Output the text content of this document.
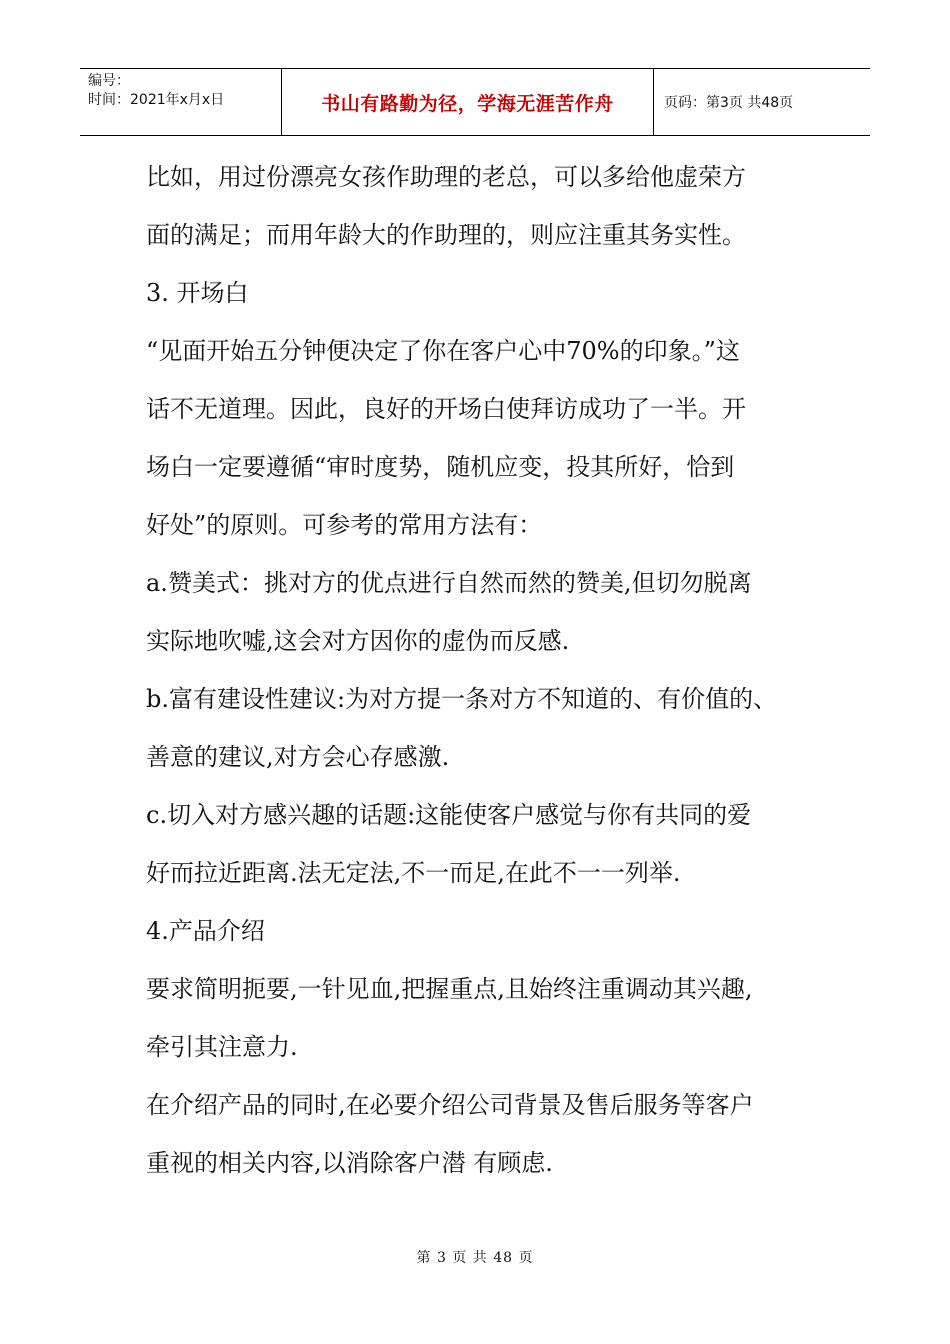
编号：
时间：2021年x月x日	书山有路勤为径，学海无涯苦作舟	页码：第3页 共48页
比如，用过份漂亮女孩作助理的老总，可以多给他虚荣方
面的满足；而用年龄大的作助理的，则应注重其务实性。
3. 开场白
“见面开始五分钟便决定了你在客户心中70%的印象。”这
话不无道理。因此，良好的开场白使拜访成功了一半。开
场白一定要遵循“审时度势，随机应变，投其所好，恰到
好处”的原则。可参考的常用方法有：
a.赞美式：挑对方的优点进行自然而然的赞美,但切勿脱离
实际地吹嘘,这会对方因你的虚伪而反感.
b.富有建设性建议:为对方提一条对方不知道的、有价值的、
善意的建议,对方会心存感激.
c.切入对方感兴趣的话题:这能使客户感觉与你有共同的爱
好而拉近距离.法无定法,不一而足,在此不一一列举.
4.产品介绍
要求简明扼要,一针见血,把握重点,且始终注重调动其兴趣,
牵引其注意力.
在介绍产品的同时,在必要介绍公司背景及售后服务等客户
重视的相关内容,以消除客户潜 有顾虑.
第 3 页 共 48 页
